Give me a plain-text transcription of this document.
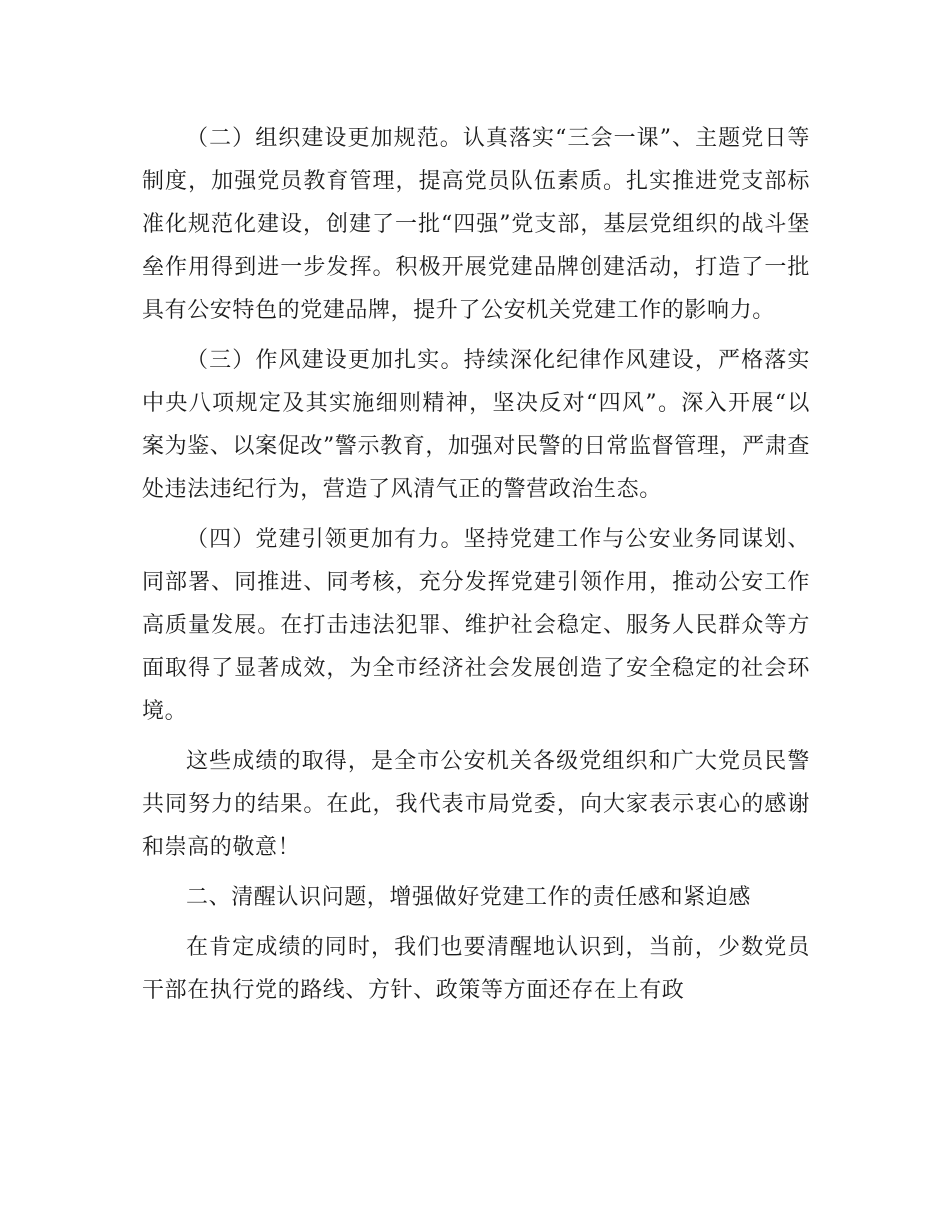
（二）组织建设更加规范。认真落实“三会一课”、主题党日等制度，加强党员教育管理，提高党员队伍素质。扎实推进党支部标准化规范化建设，创建了一批“四强”党支部，基层党组织的战斗堡垒作用得到进一步发挥。积极开展党建品牌创建活动，打造了一批具有公安特色的党建品牌，提升了公安机关党建工作的影响力。

（三）作风建设更加扎实。持续深化纪律作风建设，严格落实中央八项规定及其实施细则精神，坚决反对“四风”。深入开展“以案为鉴、以案促改”警示教育，加强对民警的日常监督管理，严肃查处违法违纪行为，营造了风清气正的警营政治生态。

（四）党建引领更加有力。坚持党建工作与公安业务同谋划、同部署、同推进、同考核，充分发挥党建引领作用，推动公安工作高质量发展。在打击违法犯罪、维护社会稳定、服务人民群众等方面取得了显著成效，为全市经济社会发展创造了安全稳定的社会环境。

这些成绩的取得，是全市公安机关各级党组织和广大党员民警共同努力的结果。在此，我代表市局党委，向大家表示衷心的感谢和崇高的敬意！

二、清醒认识问题，增强做好党建工作的责任感和紧迫感

在肯定成绩的同时，我们也要清醒地认识到，当前，少数党员干部在执行党的路线、方针、政策等方面还存在上有政
